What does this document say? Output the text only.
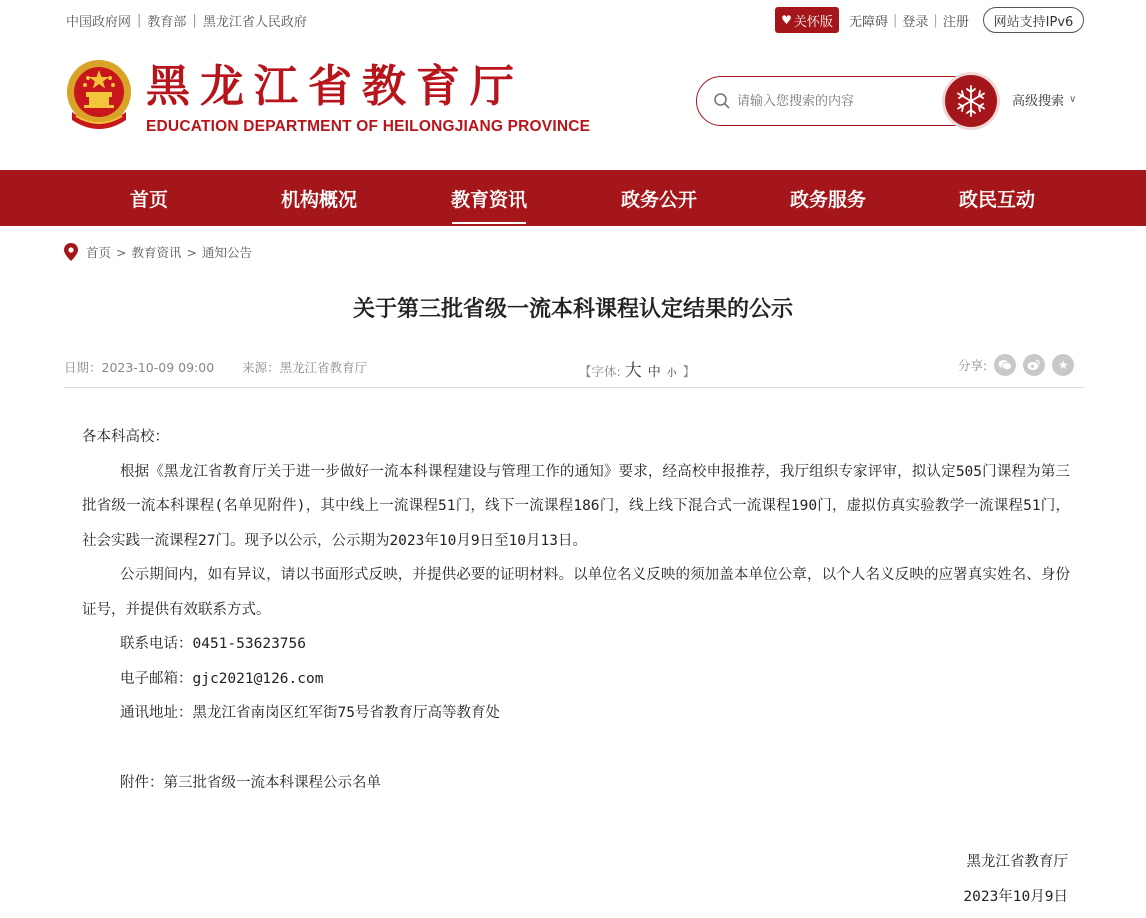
中国政府网 | 教育部 | 黑龙江省人民政府	♥ 关怀版 无障碍 | 登录 | 注册	网站支持IPv6
黑龙江省教育厅
EDUCATION DEPARTMENT OF HEILONGJIANG PROVINCE
请输入您搜索的内容
高级搜索 ∨
首页	机构概况	教育资讯	政务公开	政务服务	政民互动
首页 > 教育资讯 > 通知公告
关于第三批省级一流本科课程认定结果的公示
日期：2023-10-09 09:00 来源：黑龙江省教育厅	【字体: 大 中 小 】	分享:	★

各本科高校：

根据《黑龙江省教育厅关于进一步做好一流本科课程建设与管理工作的通知》要求，经高校申报推荐，我厅组织专家评审，拟认定505门课程为第三批省级一流本科课程(名单见附件)，其中线上一流课程51门，线下一流课程186门，线上线下混合式一流课程190门，虚拟仿真实验教学一流课程51门，社会实践一流课程27门。现予以公示，公示期为2023年10月9日至10月13日。

公示期间内，如有异议，请以书面形式反映，并提供必要的证明材料。以单位名义反映的须加盖本单位公章，以个人名义反映的应署真实姓名、身份证号，并提供有效联系方式。

联系电话：0451-53623756

电子邮箱：gjc2021@126.com

通讯地址：黑龙江省南岗区红军街75号省教育厅高等教育处

附件：第三批省级一流本科课程公示名单

黑龙江省教育厅
2023年10月9日
